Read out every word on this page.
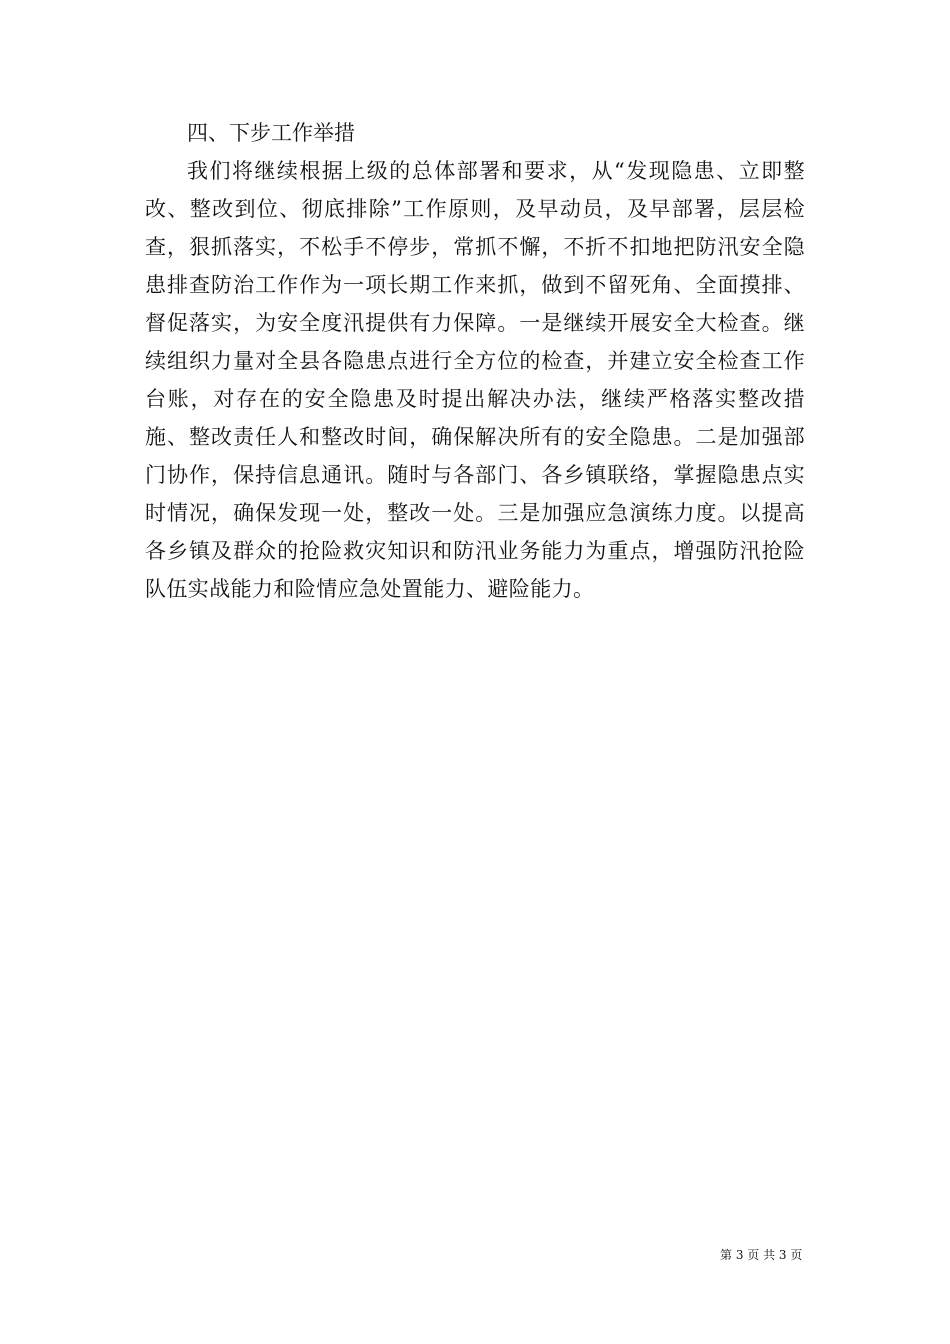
四、下步工作举措

我们将继续根据上级的总体部署和要求，从“发现隐患、立即整改、整改到位、彻底排除”工作原则，及早动员，及早部署，层层检查，狠抓落实，不松手不停步，常抓不懈，不折不扣地把防汛安全隐患排查防治工作作为一项长期工作来抓，做到不留死角、全面摸排、督促落实，为安全度汛提供有力保障。一是继续开展安全大检查。继续组织力量对全县各隐患点进行全方位的检查，并建立安全检查工作台账，对存在的安全隐患及时提出解决办法，继续严格落实整改措施、整改责任人和整改时间，确保解决所有的安全隐患。二是加强部门协作，保持信息通讯。随时与各部门、各乡镇联络，掌握隐患点实时情况，确保发现一处，整改一处。三是加强应急演练力度。以提高各乡镇及群众的抢险救灾知识和防汛业务能力为重点，增强防汛抢险队伍实战能力和险情应急处置能力、避险能力。

第 3 页 共 3 页
